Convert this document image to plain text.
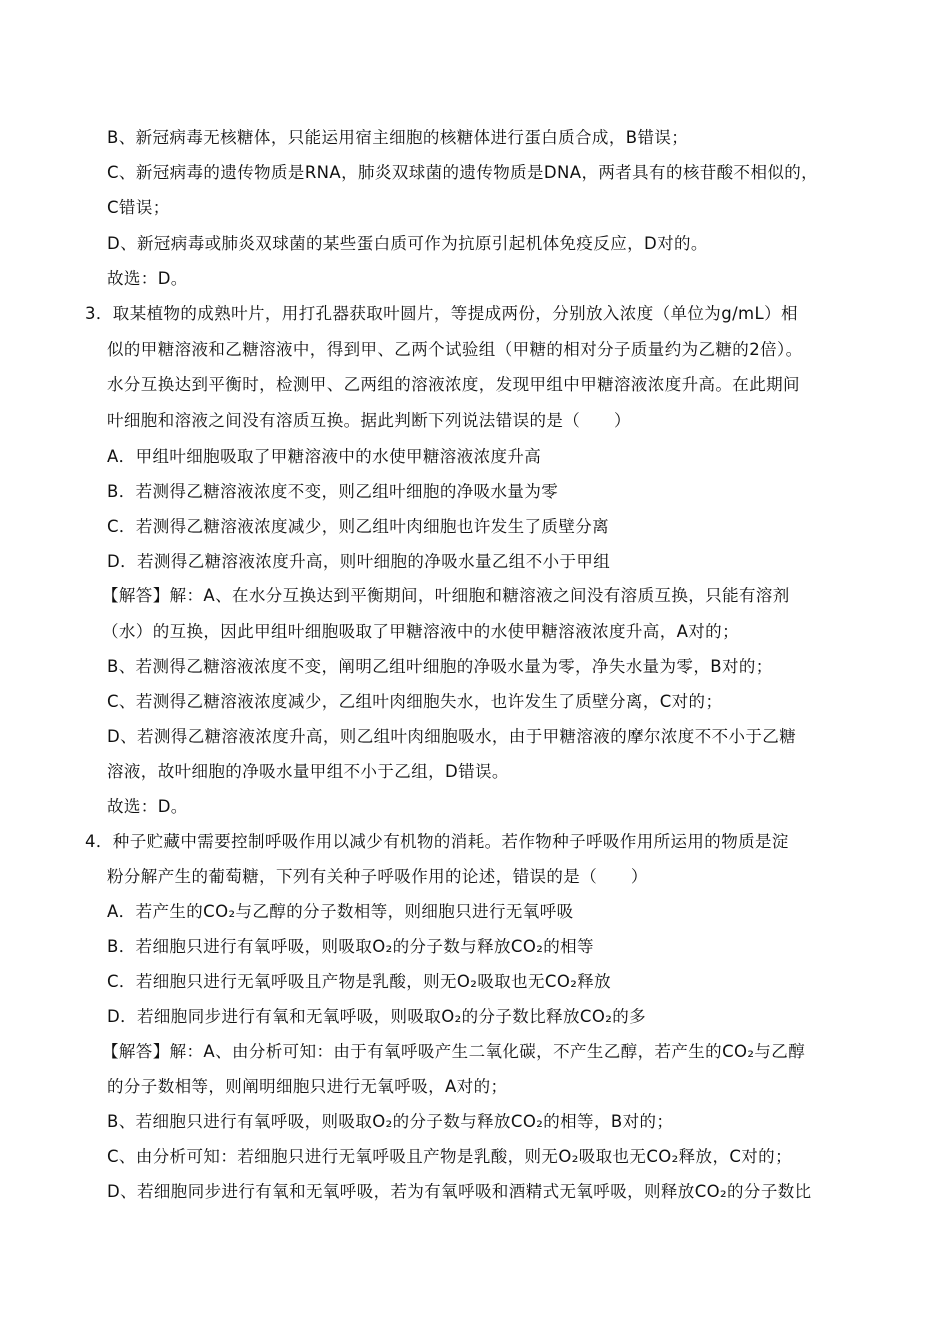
B、新冠病毒无核糖体，只能运用宿主细胞的核糖体进行蛋白质合成，B错误；
C、新冠病毒的遗传物质是RNA，肺炎双球菌的遗传物质是DNA，两者具有的核苷酸不相似的，
C错误；
D、新冠病毒或肺炎双球菌的某些蛋白质可作为抗原引起机体免疫反应，D对的。
故选：D。
3．取某植物的成熟叶片，用打孔器获取叶圆片，等提成两份，分别放入浓度（单位为g/mL）相
似的甲糖溶液和乙糖溶液中，得到甲、乙两个试验组（甲糖的相对分子质量约为乙糖的2倍）。
水分互换达到平衡时，检测甲、乙两组的溶液浓度，发现甲组中甲糖溶液浓度升高。在此期间
叶细胞和溶液之间没有溶质互换。据此判断下列说法错误的是（　　）
A．甲组叶细胞吸取了甲糖溶液中的水使甲糖溶液浓度升高
B．若测得乙糖溶液浓度不变，则乙组叶细胞的净吸水量为零
C．若测得乙糖溶液浓度减少，则乙组叶肉细胞也许发生了质壁分离
D．若测得乙糖溶液浓度升高，则叶细胞的净吸水量乙组不小于甲组
【解答】解：A、在水分互换达到平衡期间，叶细胞和糖溶液之间没有溶质互换，只能有溶剂
（水）的互换，因此甲组叶细胞吸取了甲糖溶液中的水使甲糖溶液浓度升高，A对的；
B、若测得乙糖溶液浓度不变，阐明乙组叶细胞的净吸水量为零，净失水量为零，B对的；
C、若测得乙糖溶液浓度减少，乙组叶肉细胞失水，也许发生了质壁分离，C对的；
D、若测得乙糖溶液浓度升高，则乙组叶肉细胞吸水，由于甲糖溶液的摩尔浓度不不小于乙糖
溶液，故叶细胞的净吸水量甲组不小于乙组，D错误。
故选：D。
4．种子贮藏中需要控制呼吸作用以减少有机物的消耗。若作物种子呼吸作用所运用的物质是淀
粉分解产生的葡萄糖，下列有关种子呼吸作用的论述，错误的是（　　）
A．若产生的CO₂与乙醇的分子数相等，则细胞只进行无氧呼吸
B．若细胞只进行有氧呼吸，则吸取O₂的分子数与释放CO₂的相等
C．若细胞只进行无氧呼吸且产物是乳酸，则无O₂吸取也无CO₂释放
D．若细胞同步进行有氧和无氧呼吸，则吸取O₂的分子数比释放CO₂的多
【解答】解：A、由分析可知：由于有氧呼吸产生二氧化碳，不产生乙醇，若产生的CO₂与乙醇
的分子数相等，则阐明细胞只进行无氧呼吸，A对的；
B、若细胞只进行有氧呼吸，则吸取O₂的分子数与释放CO₂的相等，B对的；
C、由分析可知：若细胞只进行无氧呼吸且产物是乳酸，则无O₂吸取也无CO₂释放，C对的；
D、若细胞同步进行有氧和无氧呼吸，若为有氧呼吸和酒精式无氧呼吸，则释放CO₂的分子数比
